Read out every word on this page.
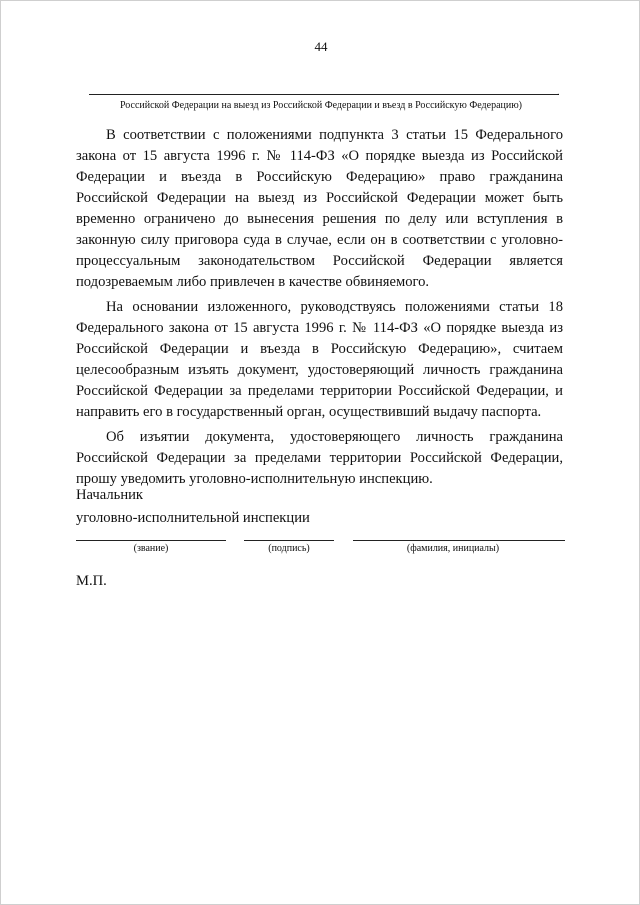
44
.
Российской Федерации на выезд из Российской Федерации и въезд в Российскую Федерацию)

В соответствии с положениями подпункта 3 статьи 15 Федерального закона от 15 августа 1996 г. № 114-ФЗ «О порядке выезда из Российской Федерации и въезда в Российскую Федерацию» право гражданина Российской Федерации на выезд из Российской Федерации может быть временно ограничено до вынесения решения по делу или вступления в законную силу приговора суда в случае, если он в соответствии с уголовно-процессуальным законодательством Российской Федерации является подозреваемым либо привлечен в качестве обвиняемого.

На основании изложенного, руководствуясь положениями статьи 18 Федерального закона от 15 августа 1996 г. № 114-ФЗ «О порядке выезда из Российской Федерации и въезда в Российскую Федерацию», считаем целесообразным изъять документ, удостоверяющий личность гражданина Российской Федерации за пределами территории Российской Федерации, и направить его в государственный орган, осуществивший выдачу паспорта.

Об изъятии документа, удостоверяющего личность гражданина Российской Федерации за пределами территории Российской Федерации, прошу уведомить уголовно-исполнительную инспекцию.

Начальник
уголовно-исполнительной инспекции
(звание)	(подпись)	(фамилия, инициалы)
М.П.
